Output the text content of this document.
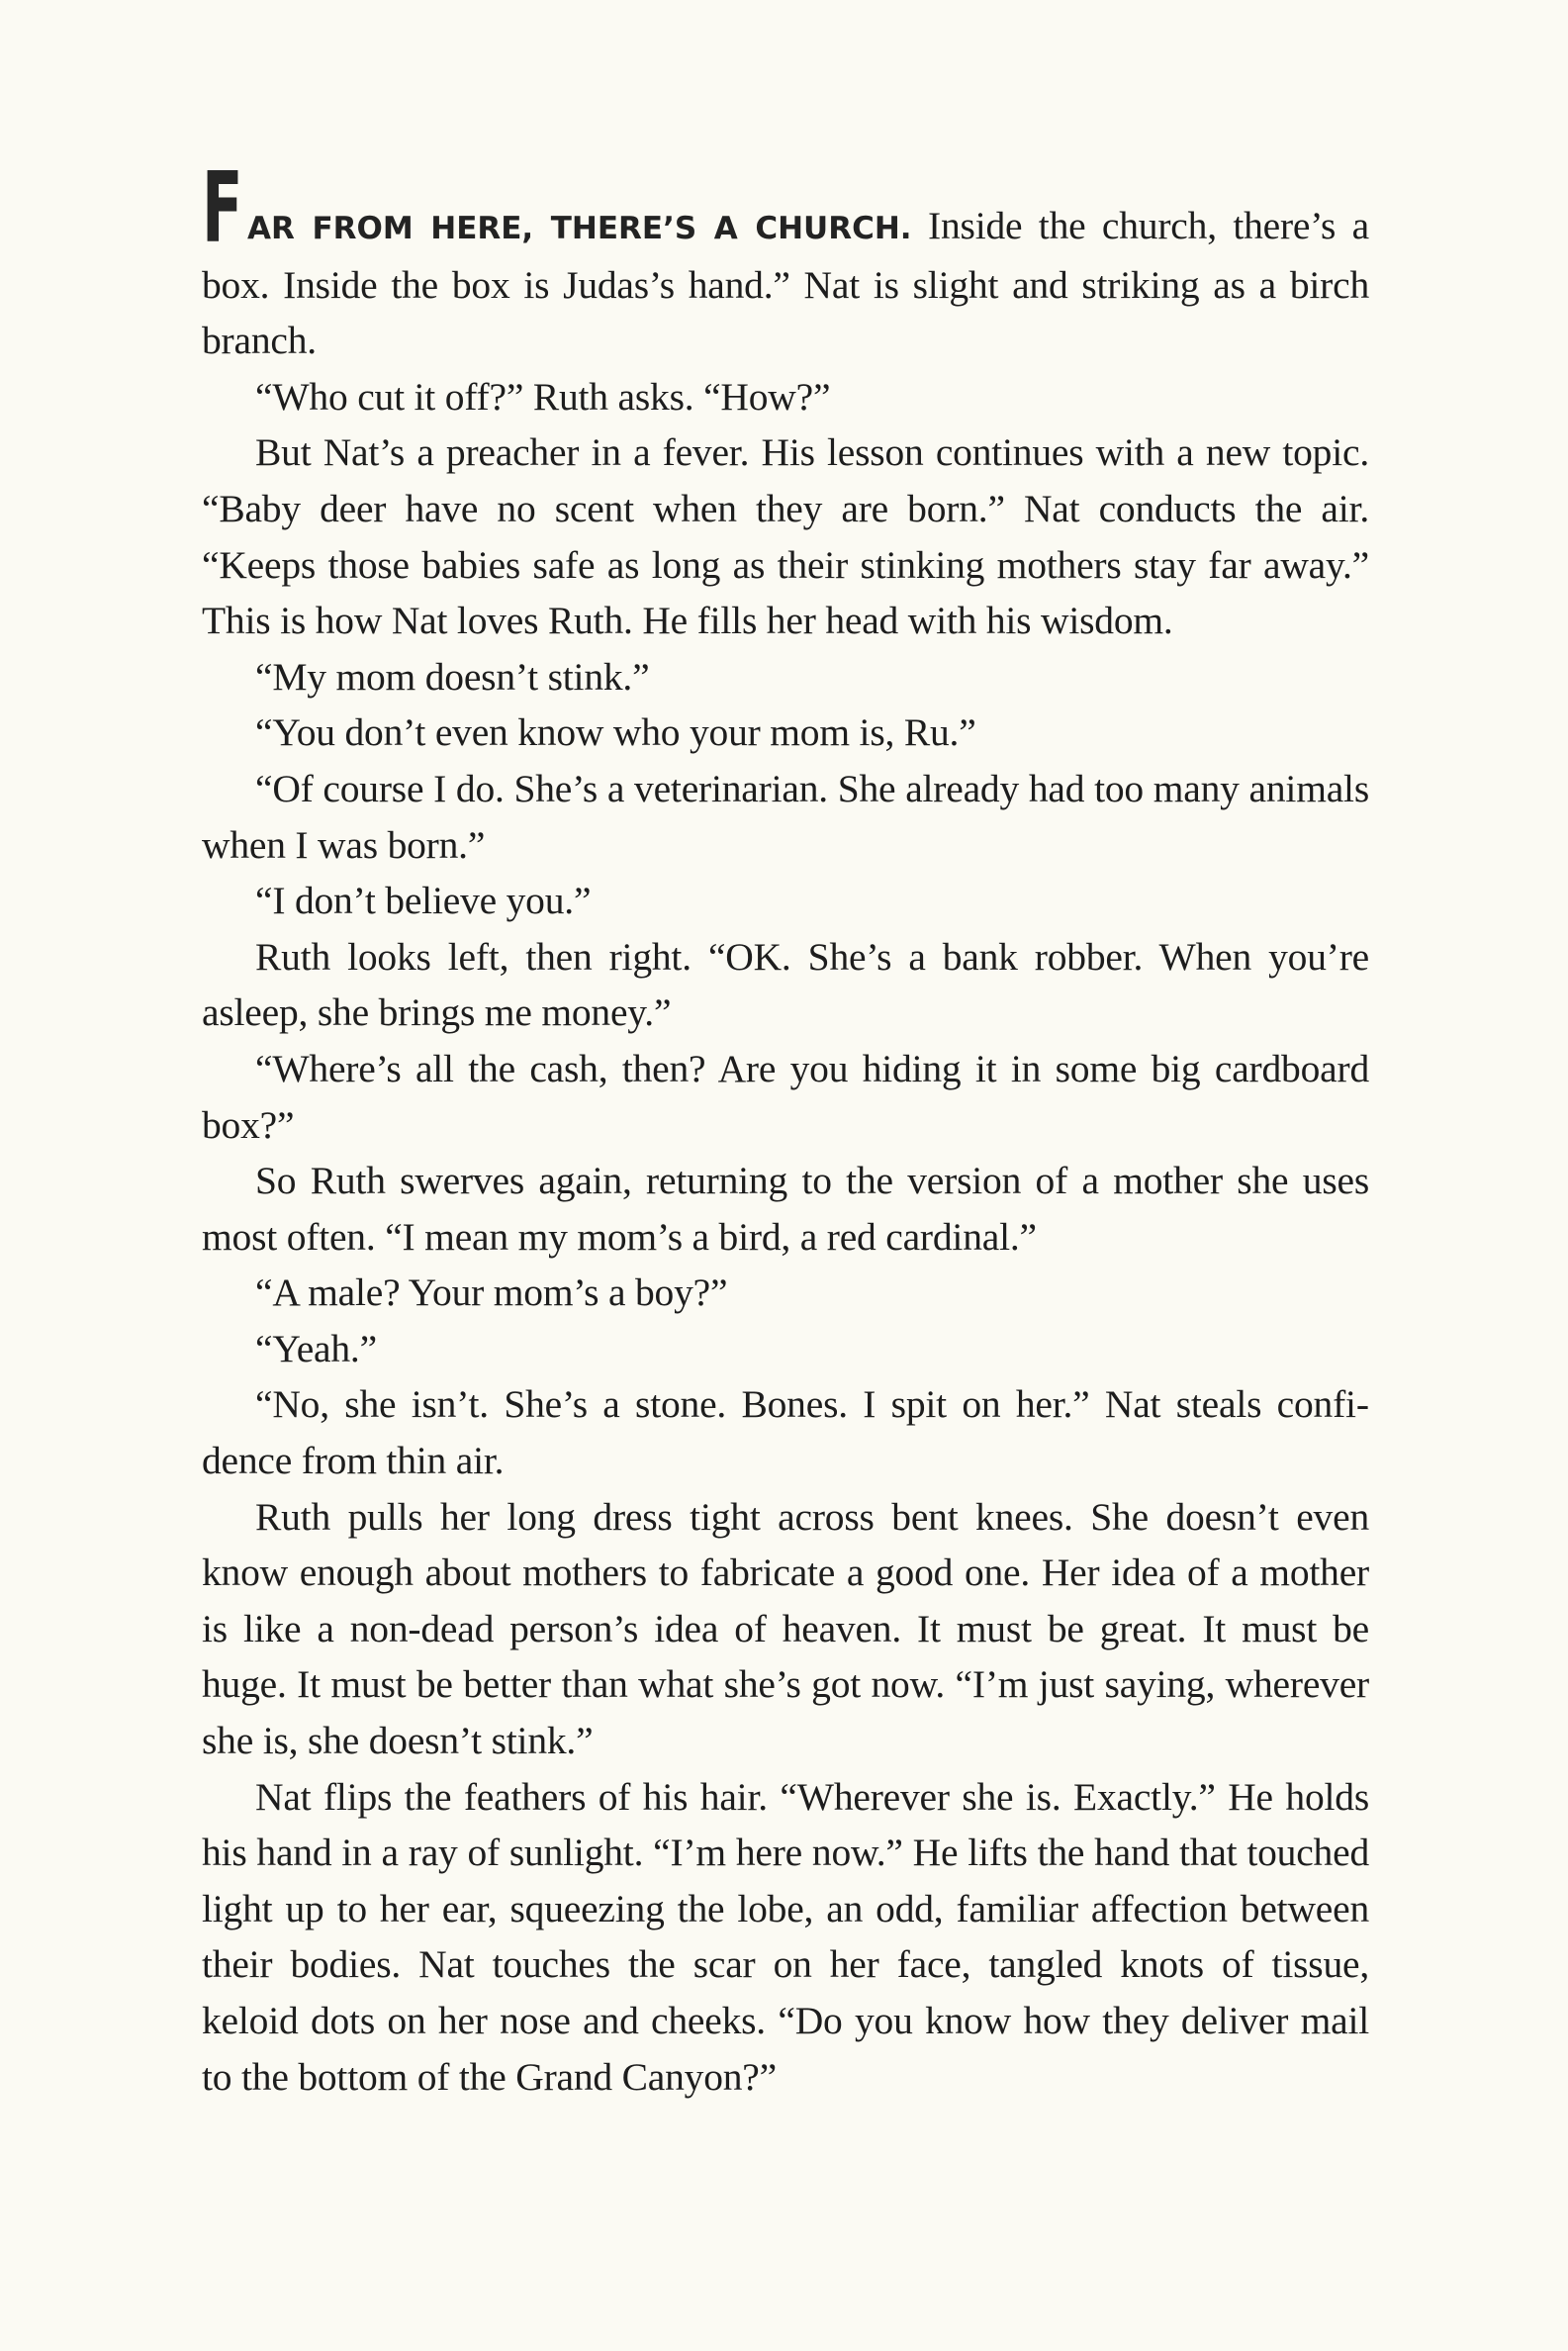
FAR FROM HERE, THERE’S A CHURCH. Inside the church, there’s a box. Inside the box is Judas’s hand.” Nat is slight and striking as a birch branch.

“Who cut it off?” Ruth asks. “How?”

But Nat’s a preacher in a fever. His lesson continues with a new topic. “Baby deer have no scent when they are born.” Nat conducts the air. “Keeps those babies safe as long as their stinking mothers stay far away.” This is how Nat loves Ruth. He fills her head with his wisdom.

“My mom doesn’t stink.”

“You don’t even know who your mom is, Ru.”

“Of course I do. She’s a veterinarian. She already had too many animals when I was born.”

“I don’t believe you.”

Ruth looks left, then right. “OK. She’s a bank robber. When you’re asleep, she brings me money.”

“Where’s all the cash, then? Are you hiding it in some big cardboard box?”

So Ruth swerves again, returning to the version of a mother she uses most often. “I mean my mom’s a bird, a red cardinal.”

“A male? Your mom’s a boy?”

“Yeah.”

“No, she isn’t. She’s a stone. Bones. I spit on her.” Nat steals confidence from thin air.

Ruth pulls her long dress tight across bent knees. She doesn’t even know enough about mothers to fabricate a good one. Her idea of a mother is like a non-dead person’s idea of heaven. It must be great. It must be huge. It must be better than what she’s got now. “I’m just saying, wherever she is, she doesn’t stink.”

Nat flips the feathers of his hair. “Wherever she is. Exactly.” He holds his hand in a ray of sunlight. “I’m here now.” He lifts the hand that touched light up to her ear, squeezing the lobe, an odd, familiar affection between their bodies. Nat touches the scar on her face, tangled knots of tissue, keloid dots on her nose and cheeks. “Do you know how they deliver mail to the bottom of the Grand Canyon?”
